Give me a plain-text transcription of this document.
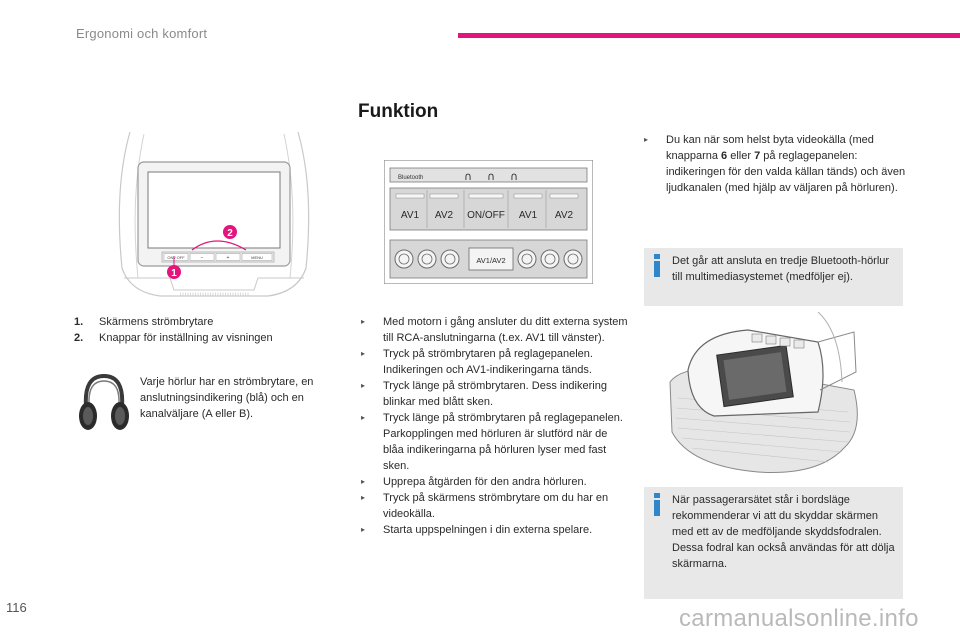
Ergonomi och komfort
Funktion
ON / OFF	−	+	MENU
2
1
1.	Skärmens strömbrytare
2.	Knappar för inställning av visningen
Varje hörlur har en strömbrytare, en anslutningsindikering (blå) och en kanalväljare (A eller B).
Bluetooth	∩ ∩ ∩
AV1 AV2 ON/OFF AV1 AV2
AV1/AV2
▸	Med motorn i gång ansluter du ditt externa system till RCA-anslutningarna (t.ex. AV1 till vänster).
▸	Tryck på strömbrytaren på reglagepanelen. Indikeringen och AV1-indikeringarna tänds.
▸	Tryck länge på strömbrytaren. Dess indikering blinkar med blått sken.
▸	Tryck länge på strömbrytaren på reglagepanelen. Parkopplingen med hörluren är slutförd när de blåa indikeringarna på hörluren lyser med fast sken.
▸	Upprepa åtgärden för den andra hörluren.
▸	Tryck på skärmens strömbrytare om du har en videokälla.
▸	Starta uppspelningen i din externa spelare.
▸	Du kan när som helst byta videokälla (med knapparna 6 eller 7 på reglagepanelen: indikeringen för den valda källan tänds) och även ljudkanalen (med hjälp av väljaren på hörluren).
Det går att ansluta en tredje Bluetooth-hörlur till multimediasystemet (medföljer ej).
När passagerarsätet står i bordsläge rekommenderar vi att du skyddar skärmen med ett av de medföljande skyddsfodralen.
Dessa fodral kan också användas för att dölja skärmarna.
116	carmanualsonline.info
